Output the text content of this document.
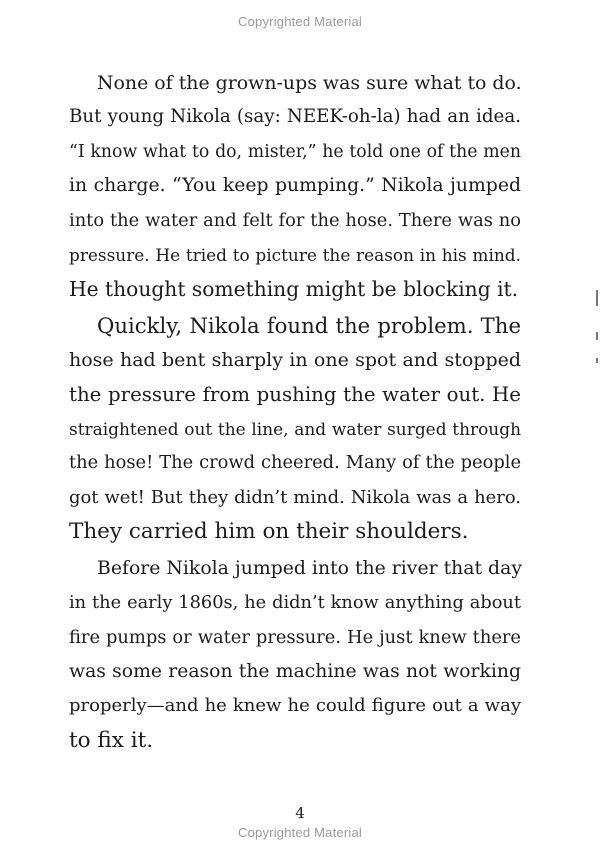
Copyrighted Material

None of the grown-ups was sure what to do.
But young Nikola (say: NEEK-oh-la) had an idea.
“I know what to do, mister,” he told one of the men
in charge. “You keep pumping.” Nikola jumped
into the water and felt for the hose. There was no
pressure. He tried to picture the reason in his mind.
He thought something might be blocking it.

Quickly, Nikola found the problem. The
hose had bent sharply in one spot and stopped
the pressure from pushing the water out. He
straightened out the line, and water surged through
the hose! The crowd cheered. Many of the people
got wet! But they didn’t mind. Nikola was a hero.
They carried him on their shoulders.

Before Nikola jumped into the river that day
in the early 1860s, he didn’t know anything about
fire pumps or water pressure. He just knew there
was some reason the machine was not working
properly—and he knew he could figure out a way
to fix it.

4
Copyrighted Material
